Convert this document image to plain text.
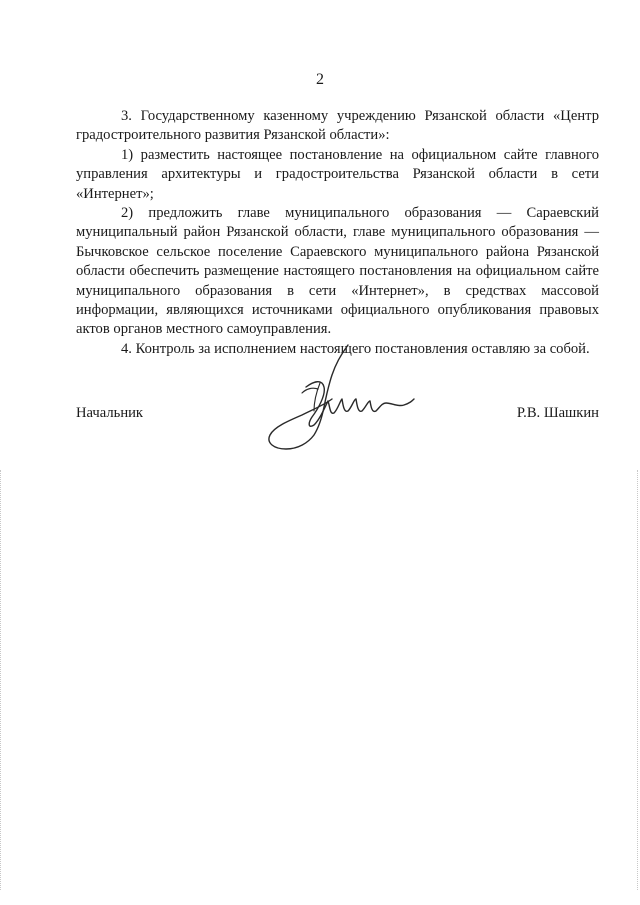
2

3. Государственному казенному учреждению Рязанской области «Центр градостроительного развития Рязанской области»:

1) разместить настоящее постановление на официальном сайте главного управления архитектуры и градостроительства Рязанской области в сети «Интернет»;

2) предложить главе муниципального образования — Сараевский муниципальный район Рязанской области, главе муниципального образования — Бычковское сельское поселение Сараевского муниципального района Рязанской области обеспечить размещение настоящего постановления на официальном сайте муниципального образования в сети «Интернет», в средствах массовой информации, являющихся источниками официального опубликования правовых актов органов местного самоуправления.

4. Контроль за исполнением настоящего постановления оставляю за собой.

Начальник	Р.В. Шашкин
